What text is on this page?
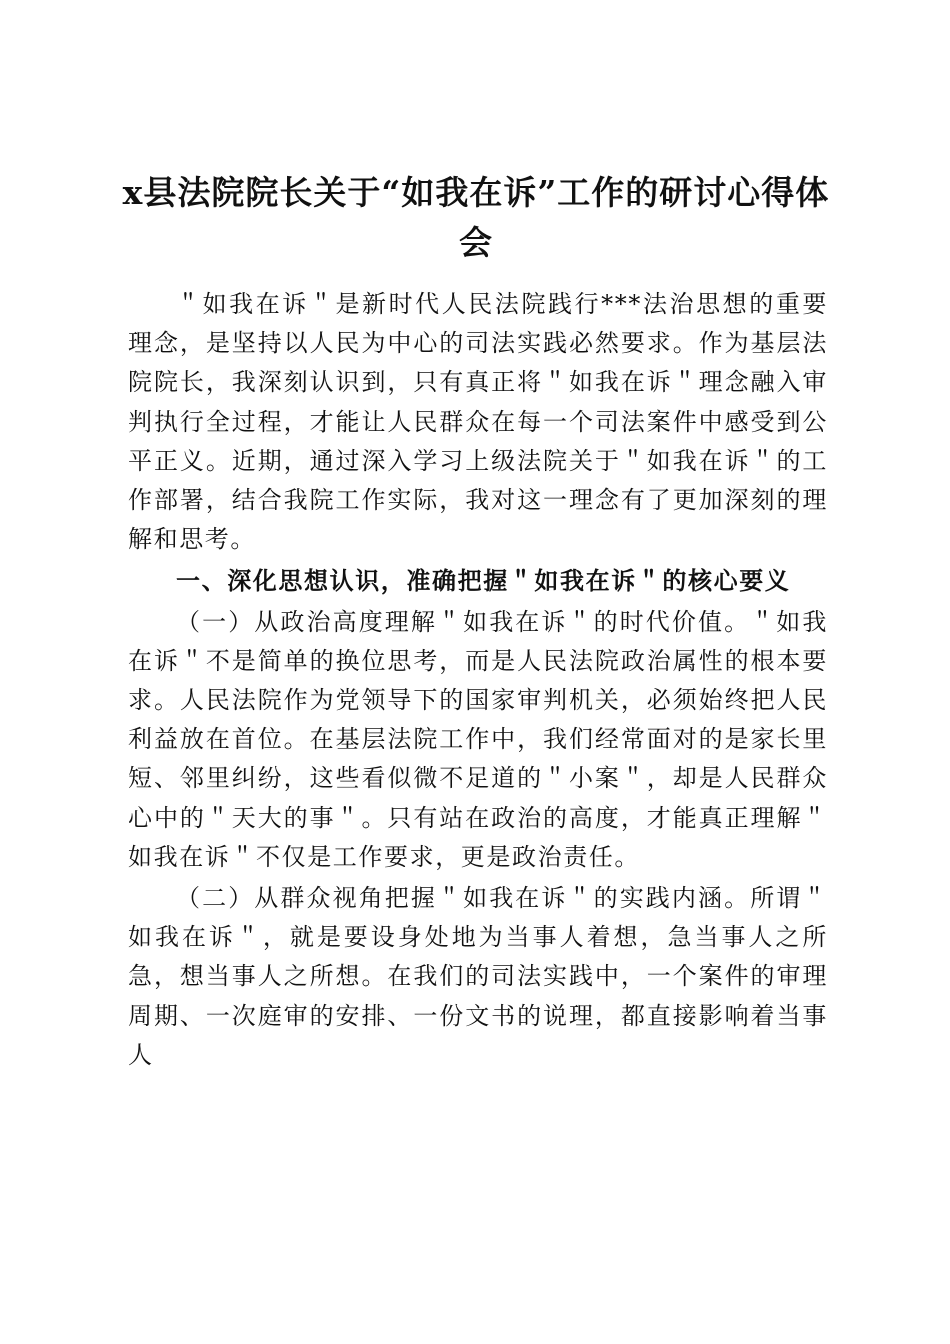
x县法院院长关于“如我在诉”工作的研讨心得体会

＂如我在诉＂是新时代人民法院践行***法治思想的重要理念，是坚持以人民为中心的司法实践必然要求。作为基层法院院长，我深刻认识到，只有真正将＂如我在诉＂理念融入审判执行全过程，才能让人民群众在每一个司法案件中感受到公平正义。近期，通过深入学习上级法院关于＂如我在诉＂的工作部署，结合我院工作实际，我对这一理念有了更加深刻的理解和思考。

一、深化思想认识，准确把握＂如我在诉＂的核心要义

（一）从政治高度理解＂如我在诉＂的时代价值。＂如我在诉＂不是简单的换位思考，而是人民法院政治属性的根本要求。人民法院作为党领导下的国家审判机关，必须始终把人民利益放在首位。在基层法院工作中，我们经常面对的是家长里短、邻里纠纷，这些看似微不足道的＂小案＂，却是人民群众心中的＂天大的事＂。只有站在政治的高度，才能真正理解＂如我在诉＂不仅是工作要求，更是政治责任。

（二）从群众视角把握＂如我在诉＂的实践内涵。所谓＂如我在诉＂，就是要设身处地为当事人着想，急当事人之所急，想当事人之所想。在我们的司法实践中，一个案件的审理周期、一次庭审的安排、一份文书的说理，都直接影响着当事人
